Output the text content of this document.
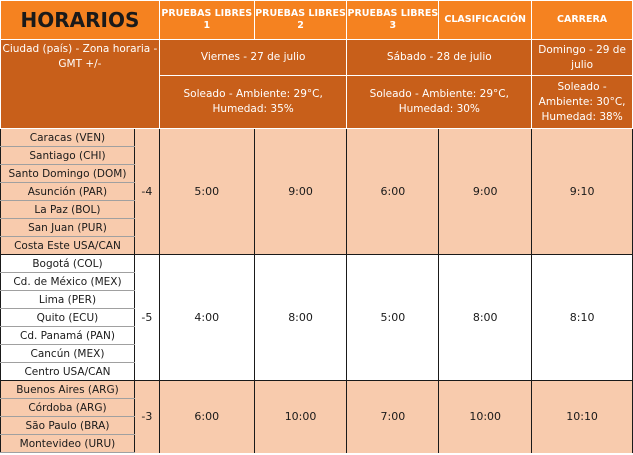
HORARIOS		PRUEBAS LIBRES 1	PRUEBAS LIBRES 2	PRUEBAS LIBRES 3	CLASIFICACIÓN	CARRERA
Ciudad (país) - Zona horaria - GMT +/-		Viernes - 27 de julio		Sábado - 28 de julio		Domingo - 29 de julio
		Soleado - Ambiente: 29°C, Humedad: 35%		Soleado - Ambiente: 29°C, Humedad: 30%		Soleado - Ambiente: 30°C, Humedad: 38%
Caracas (VEN)	-4	5:00	9:00	6:00	9:00	9:10
Santiago (CHI)						
Santo Domingo (DOM)						
Asunción (PAR)						
La Paz (BOL)						
San Juan (PUR)						
Costa Este USA/CAN						
Bogotá (COL)	-5	4:00	8:00	5:00	8:00	8:10
Cd. de México (MEX)						
Lima (PER)						
Quito (ECU)						
Cd. Panamá (PAN)						
Cancún (MEX)						
Centro USA/CAN						
Buenos Aires (ARG)	-3	6:00	10:00	7:00	10:00	10:10
Córdoba (ARG)						
São Paulo (BRA)						
Montevideo (URU)						
